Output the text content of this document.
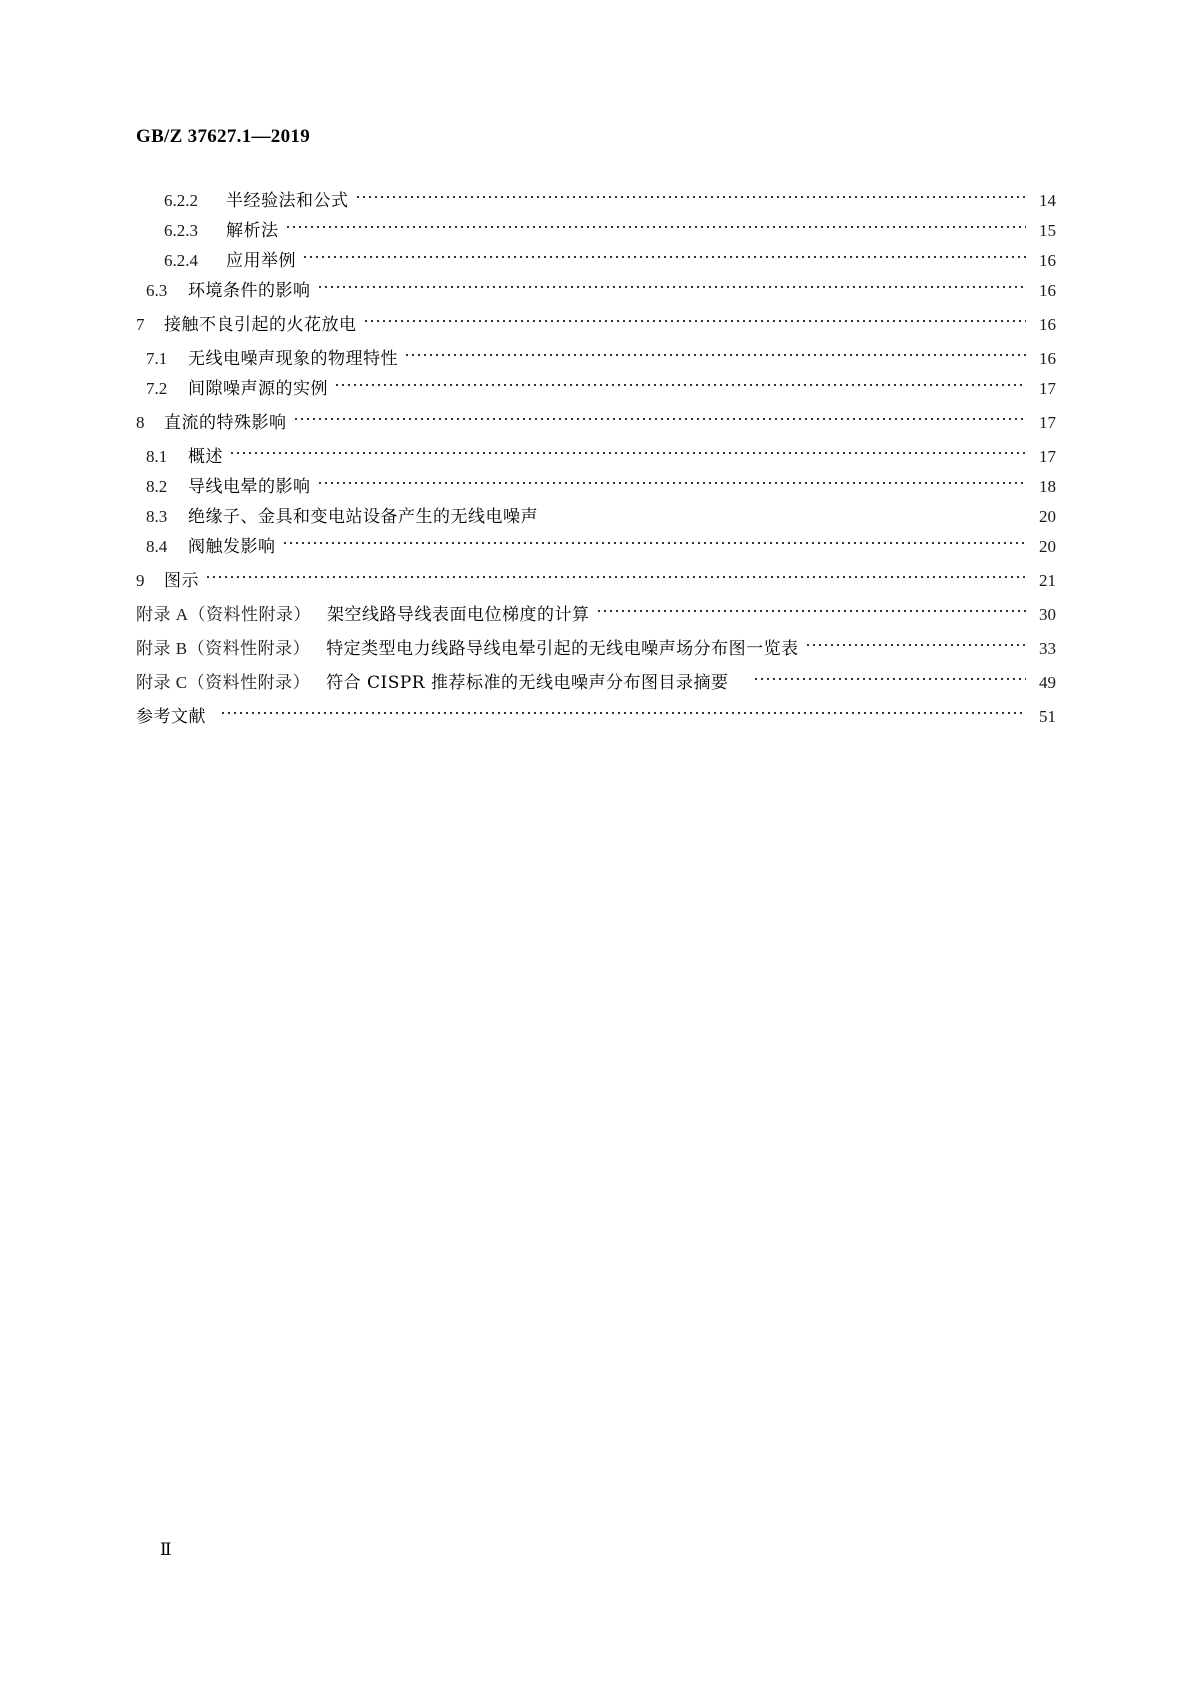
GB/Z 37627.1—2019
6.2.2	半经验法和公式	14
6.2.3	解析法	15
6.2.4	应用举例	16
6.3	环境条件的影响	16
7	接触不良引起的火花放电	16
7.1	无线电噪声现象的物理特性	16
7.2	间隙噪声源的实例	17
8	直流的特殊影响	17
8.1	概述	17
8.2	导线电晕的影响	18
8.3	绝缘子、金具和变电站设备产生的无线电噪声	20
8.4	阀触发影响	20
9	图示	21
附录 A（资料性附录） 架空线路导线表面电位梯度的计算	30
附录 B（资料性附录） 特定类型电力线路导线电晕引起的无线电噪声场分布图一览表	33
附录 C（资料性附录） 符合 CISPR 推荐标准的无线电噪声分布图目录摘要	49
参考文献	51
Ⅱ
